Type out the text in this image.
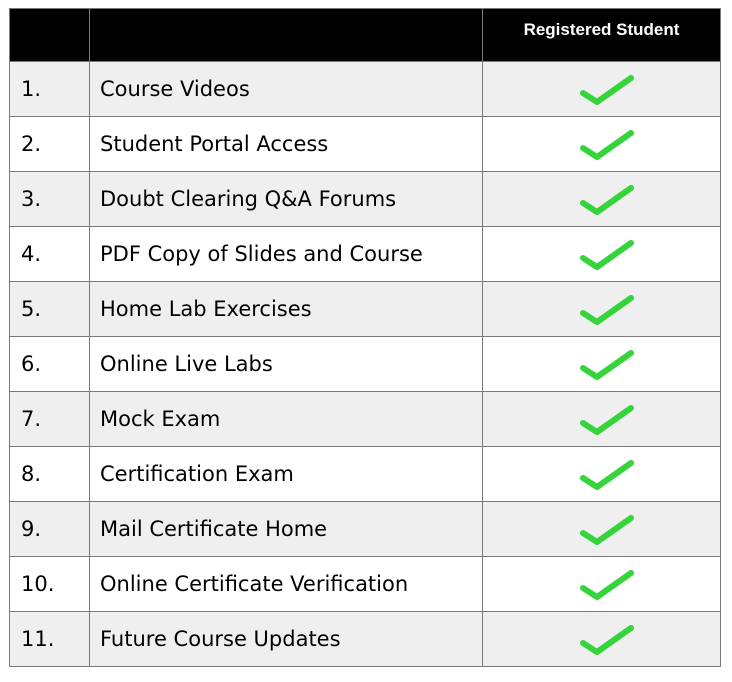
		Registered Student

1.	Course Videos	
2.	Student Portal Access	
3.	Doubt Clearing Q&A Forums	
4.	PDF Copy of Slides and Course	
5.	Home Lab Exercises	
6.	Online Live Labs	
7.	Mock Exam	
8.	Certification Exam	
9.	Mail Certificate Home	
10.	Online Certificate Verification	
11.	Future Course Updates	
